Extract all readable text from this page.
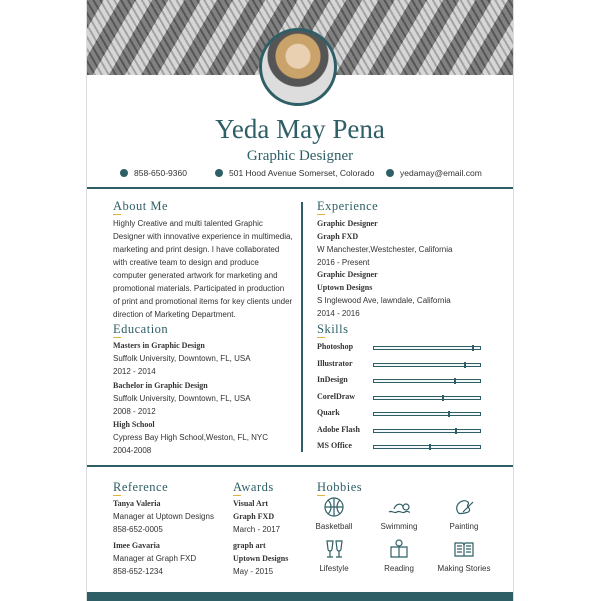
Yeda May Pena
Graphic Designer
858-650-9360	501 Hood Avenue Somerset, Colorado	yedamay@email.com
About Me
Highly Creative and multi talented Graphic Designer with innovative experience in multimedia, marketing and print design. I have collaborated with creative team to design and produce computer generated artwork for marketing and promotional materials. Participated in production of print and promotional items for key clients under direction of Marketing Department.
Education
Masters in Graphic Design
Suffolk University, Downtown, FL, USA
2012 - 2014
Bachelor in Graphic Design
Suffolk University, Downtown, FL, USA
2008 - 2012
High School
Cypress Bay High School,Weston, FL, NYC
2004-2008
Experience
Graphic Designer
Graph FXD
W Manchester,Westchester, California
2016 - Present
Graphic Designer
Uptown Designs
S Inglewood Ave, lawndale, California
2014 - 2016
Skills
Photoshop
Illustrator
InDesign
CorelDraw
Quark
Adobe Flash
MS Office
Reference
Tanya Valeria
Manager at Uptown Designs
858-652-0005
Imee Gavaria
Manager at Graph FXD
858-652-1234
Awards
Visual Art
Graph FXD
March - 2017
graph art
Uptown Designs
May - 2015
Hobbies
Basketball	Swimming	Painting
Lifestyle	Reading	Making Stories
